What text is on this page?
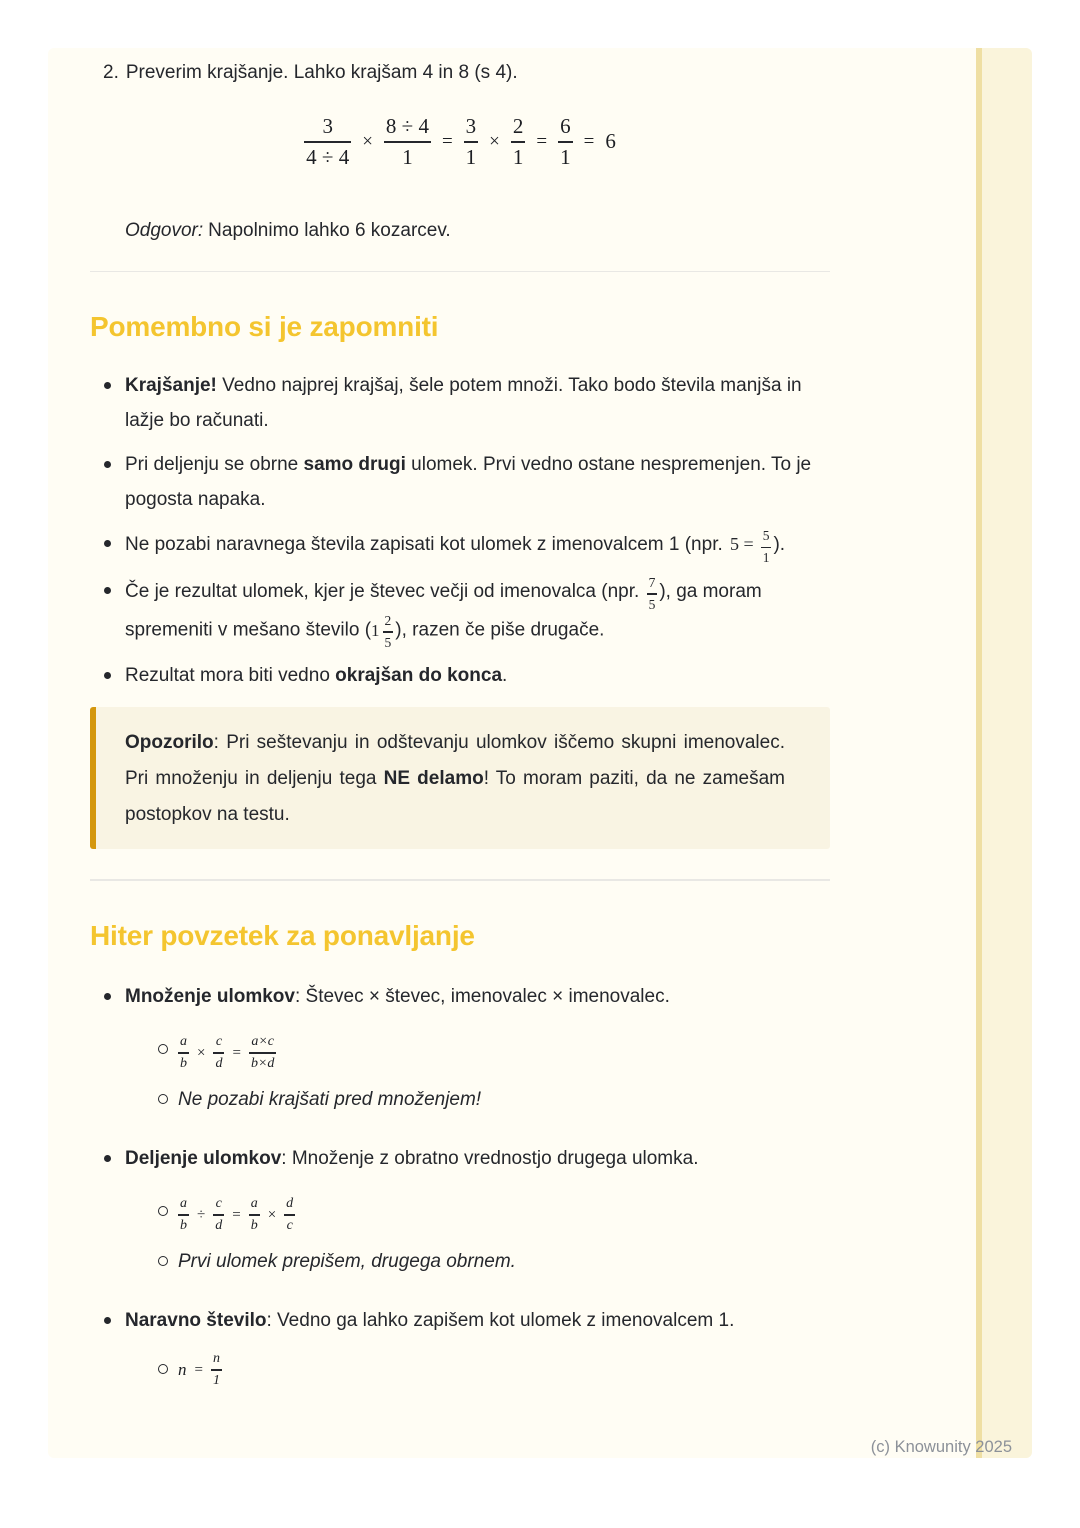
2. Preverim krajšanje. Lahko krajšam 4 in 8 (s 4).
$\frac{3}{4 \div 4} \times \frac{8 \div 4}{1} = \frac{3}{1} \times \frac{2}{1} = \frac{6}{1} = 6$
Odgovor: Napolnimo lahko 6 kozarcev.
Pomembno si je zapomniti
Krajšanje! Vedno najprej krajšaj, šele potem množi. Tako bodo števila manjša in lažje bo računati.
Pri deljenju se obrne samo drugi ulomek. Prvi vedno ostane nespremenjen. To je pogosta napaka.
Ne pozabi naravnega števila zapisati kot ulomek z imenovalcem 1 (npr. $5 = \frac{5}{1}$ ).
Če je rezultat ulomek, kjer je števec večji od imenovalca (npr. $\frac{7}{5}$ ), ga moram spremeniti v mešano število ( $1 \frac{2}{5}$ ), razen če piše drugače.
Rezultat mora biti vedno okrajšan do konca.

Opozorilo: Pri seštevanju in odštevanju ulomkov iščemo skupni imenovalec. Pri množenju in deljenju tega NE delamo! To moram paziti, da ne zamešam postopkov na testu.

Hiter povzetek za ponavljanje
Množenje ulomkov: Števec × števec, imenovalec × imenovalec.
$\frac{a}{b} \times \frac{c}{d} = \frac{a\times c}{b\times d}$
Ne pozabi krajšati pred množenjem!
Deljenje ulomkov: Množenje z obratno vrednostjo drugega ulomka.
$\frac{a}{b} \div \frac{c}{d} = \frac{a}{b} \times \frac{d}{c}$
Prvi ulomek prepišem, drugega obrnem.
Naravno število: Vedno ga lahko zapišem kot ulomek z imenovalcem 1.
$n = \frac{n}{1}$
(c) Knowunity 2025
